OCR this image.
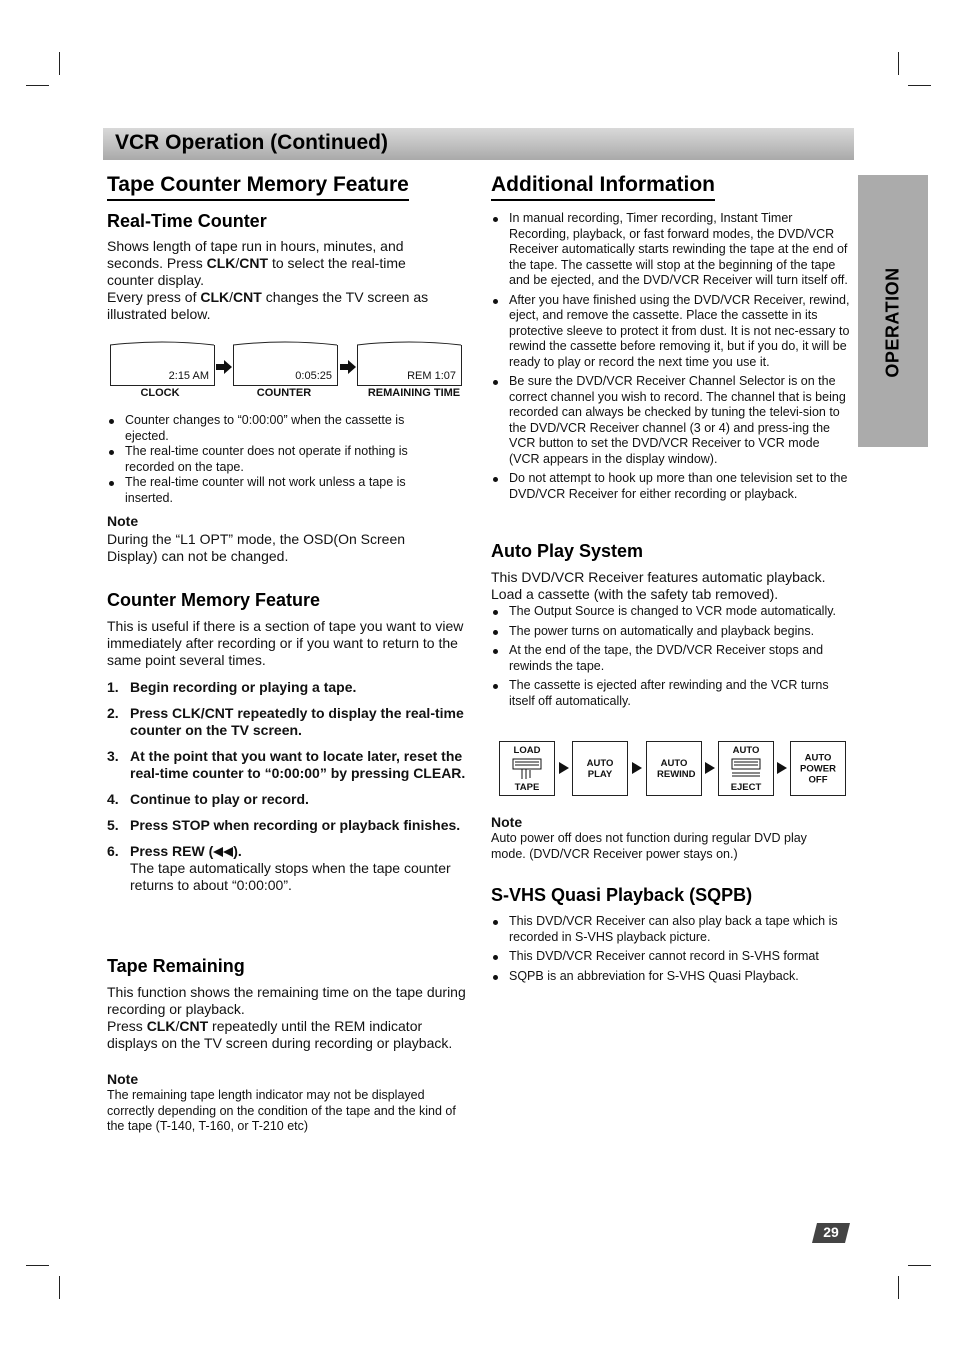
VCR Operation (Continued)
OPERATION
Tape Counter Memory Feature
Real-Time Counter
Shows length of tape run in hours, minutes, and
seconds. Press CLK/CNT to select the real-time
counter display.
Every press of CLK/CNT changes the TV screen as
illustrated below.
2:15 AM	0:05:25	REM 1:07
CLOCK	COUNTER	REMAINING TIME
Counter changes to “0:00:00” when the cassette is ejected.
The real-time counter does not operate if nothing is recorded on the tape.
The real-time counter will not work unless a tape is inserted.
Note
During the “L1 OPT” mode, the OSD(On Screen Display) can not be changed.
Counter Memory Feature
This is useful if there is a section of tape you want to view immediately after recording or if you want to return to the same point several times.
1. Begin recording or playing a tape.
2. Press CLK/CNT repeatedly to display the real-time counter on the TV screen.
3. At the point that you want to locate later, reset the real-time counter to “0:00:00” by pressing CLEAR.
4. Continue to play or record.
5. Press STOP when recording or playback finishes.
6. Press REW ( ).
The tape automatically stops when the tape counter returns to about “0:00:00”.
Tape Remaining
This function shows the remaining time on the tape during recording or playback.
Press CLK/CNT repeatedly until the REM indicator displays on the TV screen during recording or playback.
Note
The remaining tape length indicator may not be displayed correctly depending on the condition of the tape and the kind of the tape (T-140, T-160, or T-210 etc)
Additional Information
In manual recording, Timer recording, Instant Timer Recording, playback, or fast forward modes, the DVD/VCR Receiver automatically starts rewinding the tape at the end of the tape. The cassette will stop at the beginning of the tape and be ejected, and the DVD/VCR Receiver will turn itself off.
After you have finished using the DVD/VCR Receiver, rewind, eject, and remove the cassette. Place the cassette in its protective sleeve to protect it from dust. It is not nec-essary to rewind the cassette before removing it, but if you do, it will be ready to play or record the next time you use it.
Be sure the DVD/VCR Receiver Channel Selector is on the correct channel you wish to record. The channel that is being recorded can always be checked by tuning the televi-sion to the DVD/VCR Receiver channel (3 or 4) and press-ing the VCR button to set the DVD/VCR Receiver to VCR mode (VCR appears in the display window).
Do not attempt to hook up more than one television set to the DVD/VCR Receiver for either recording or playback.
Auto Play System
This DVD/VCR Receiver features automatic playback.
Load a cassette (with the safety tab removed).
The Output Source is changed to VCR mode automatically.
The power turns on automatically and playback begins.
At the end of the tape, the DVD/VCR Receiver stops and rewinds the tape.
The cassette is ejected after rewinding and the VCR turns itself off automatically.
LOAD
TAPE
AUTO PLAY
AUTO REWIND
AUTO
EJECT
AUTO POWER OFF
Note
Auto power off does not function during regular DVD play mode. (DVD/VCR Receiver power stays on.)
S-VHS Quasi Playback (SQPB)
This DVD/VCR Receiver can also play back a tape which is recorded in S-VHS playback picture.
This DVD/VCR Receiver cannot record in S-VHS format
SQPB is an abbreviation for S-VHS Quasi Playback.
29
